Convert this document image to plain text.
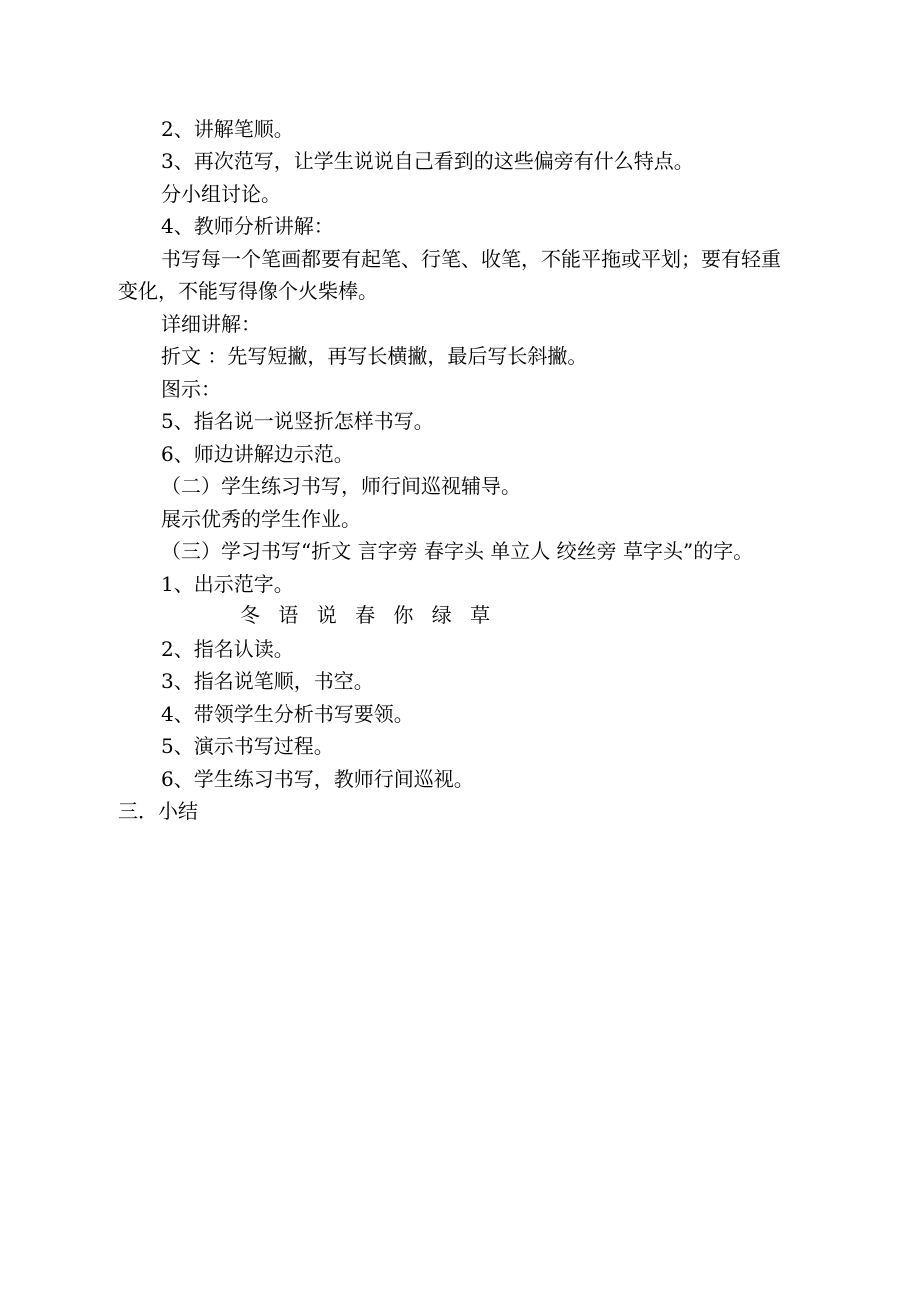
2、讲解笔顺。
3、再次范写，让学生说说自己看到的这些偏旁有什么特点。
分小组讨论。
4、教师分析讲解：
书写每一个笔画都要有起笔、行笔、收笔，不能平拖或平划；要有轻重
变化，不能写得像个火柴棒。
详细讲解：
折文 ：先写短撇，再写长横撇，最后写长斜撇。
图示：
5、指名说一说竖折怎样书写。
6、师边讲解边示范。
（二）学生练习书写，师行间巡视辅导。
展示优秀的学生作业。
（三）学习书写“折文 言字旁 春字头 单立人 绞丝旁 草字头”的字。
1、出示范字。
冬 语 说 春 你 绿 草
2、指名认读。
3、指名说笔顺，书空。
4、带领学生分析书写要领。
5、演示书写过程。
6、学生练习书写，教师行间巡视。
三．小结
